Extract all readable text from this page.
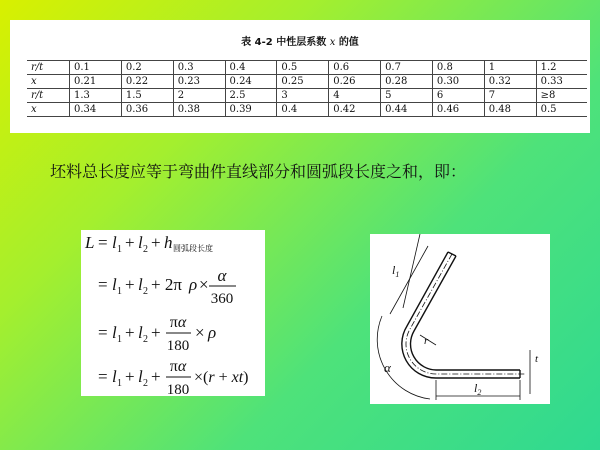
表 4-2 中性层系数 x 的值
r/t	0.1	0.2	0.3	0.4	0.5	0.6	0.7	0.8	1	1.2
x	0.21	0.22	0.23	0.24	0.25	0.26	0.28	0.30	0.32	0.33
r/t	1.3	1.5	2	2.5	3	4	5	6	7	≥8
x	0.34	0.36	0.38	0.39	0.4	0.42	0.44	0.46	0.48	0.5

坯料总长度应等于弯曲件直线部分和圆弧段长度之和，即：

L = l 1 + l 2 + h 圆弧段长度
= l 1 + l 2 + 2π ρ × α
360
= l 1 + l 2 +
πα
180
× ρ
= l 1 + l 2 +
πα
180
×(r + xt)
$l_1$
r
α
$l_2$
t
